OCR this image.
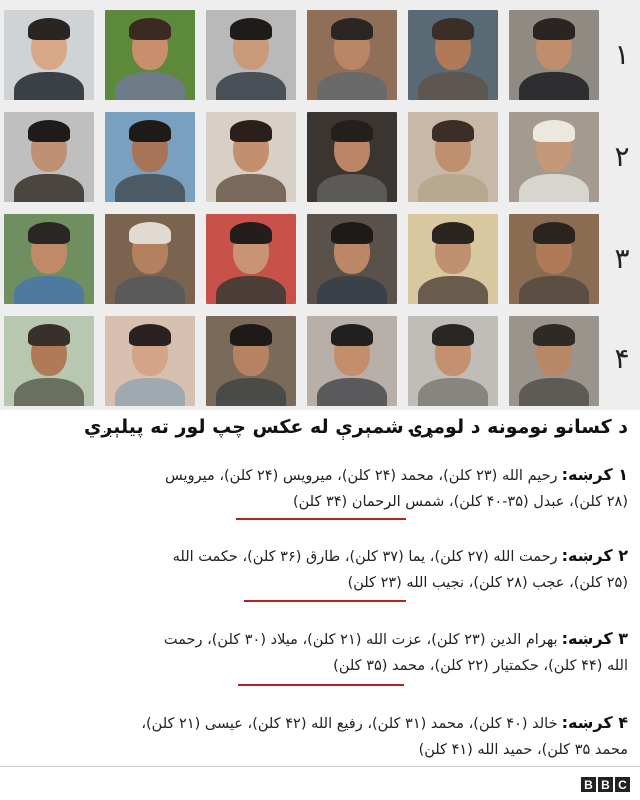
۱
۲
۳
۴
د کسانو نومونه د لومړۍ شمېرې له عکس چپ لور ته پیلېږي
۱ کرښه:رحیم الله (۲۳ کلن)، محمد (۲۴ کلن)، میرویس (۲۴ کلن)، میرویس
(۲۸ کلن)، عبدل (۳۵-۴۰ کلن)، شمس الرحمان (۳۴ کلن)
۲ کرښه:رحمت الله (۲۷ کلن)، یما (۳۷ کلن)، طارق (۳۶ کلن)، حکمت الله
(۲۵ کلن)، عجب (۲۸ کلن)، نجیب الله (۲۳ کلن)
۳ کرښه:بهرام الدین (۲۳ کلن)، عزت الله (۲۱ کلن)، میلاد (۳۰ کلن)، رحمت
الله (۴۴ کلن)، حکمتیار (۲۲ کلن)، محمد (۳۵ کلن)
۴ کرښه:خالد (۴۰ کلن)، محمد (۳۱ کلن)، رفیع الله (۴۲ کلن)، عیسی (۲۱ کلن)،
محمد ۳۵ کلن)، حمید الله (۴۱ کلن)
B B C
